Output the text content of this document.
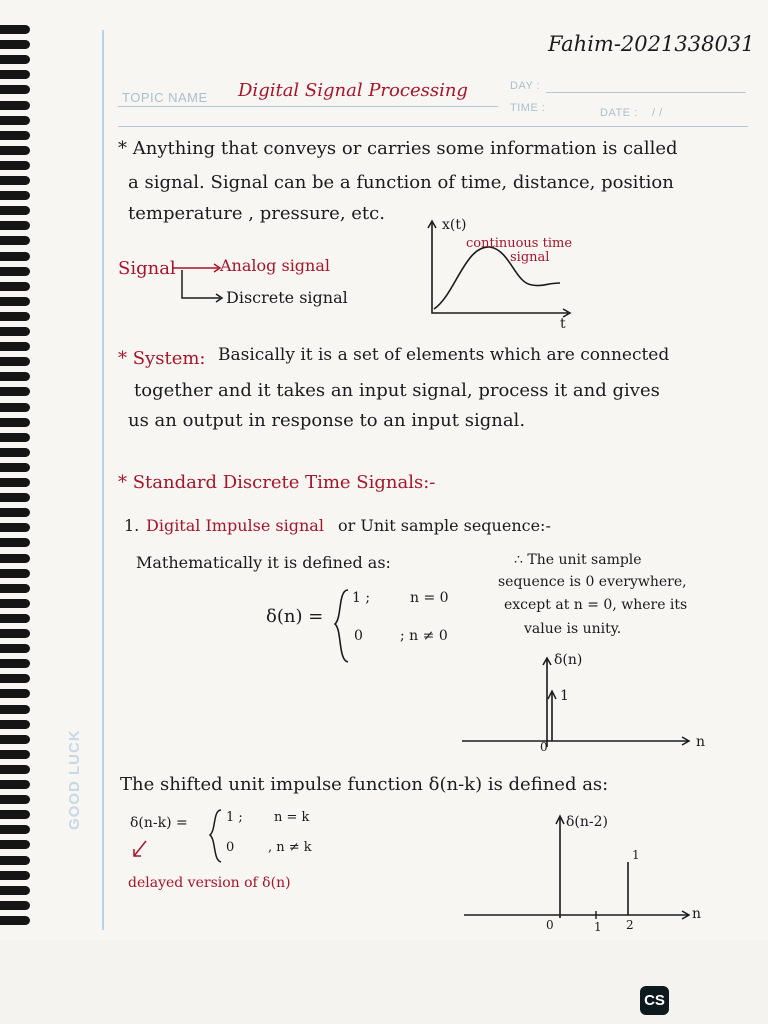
Fahim-2021338031
TOPIC NAME Digital Signal Processing	DAY :
TIME :	DATE : / /
GOOD LUCK
* Anything that conveys or carries some information is called
a signal. Signal can be a function of time, distance, position
temperature , pressure, etc.
Signal	Analog signal
Discrete signal
x(t)
t
continuous time
signal
* System: Basically it is a set of elements which are connected
together and it takes an input signal, process it and gives
us an output in response to an input signal.
* Standard Discrete Time Signals:-
1. Digital Impulse signal or Unit sample sequence:-
Mathematically it is defined as:
δ(n) =
1 ;	n = 0
0	; n ≠ 0
∴ The unit sample
sequence is 0 everywhere,
except at n = 0, where its
value is unity.
δ(n)
1
0	n
The shifted unit impulse function δ(n-k) is defined as:
δ(n-k) =	1 ; n = k
0	, n ≠ k
delayed version of δ(n)
δ(n-2)
1
0	1 2
n
CS
